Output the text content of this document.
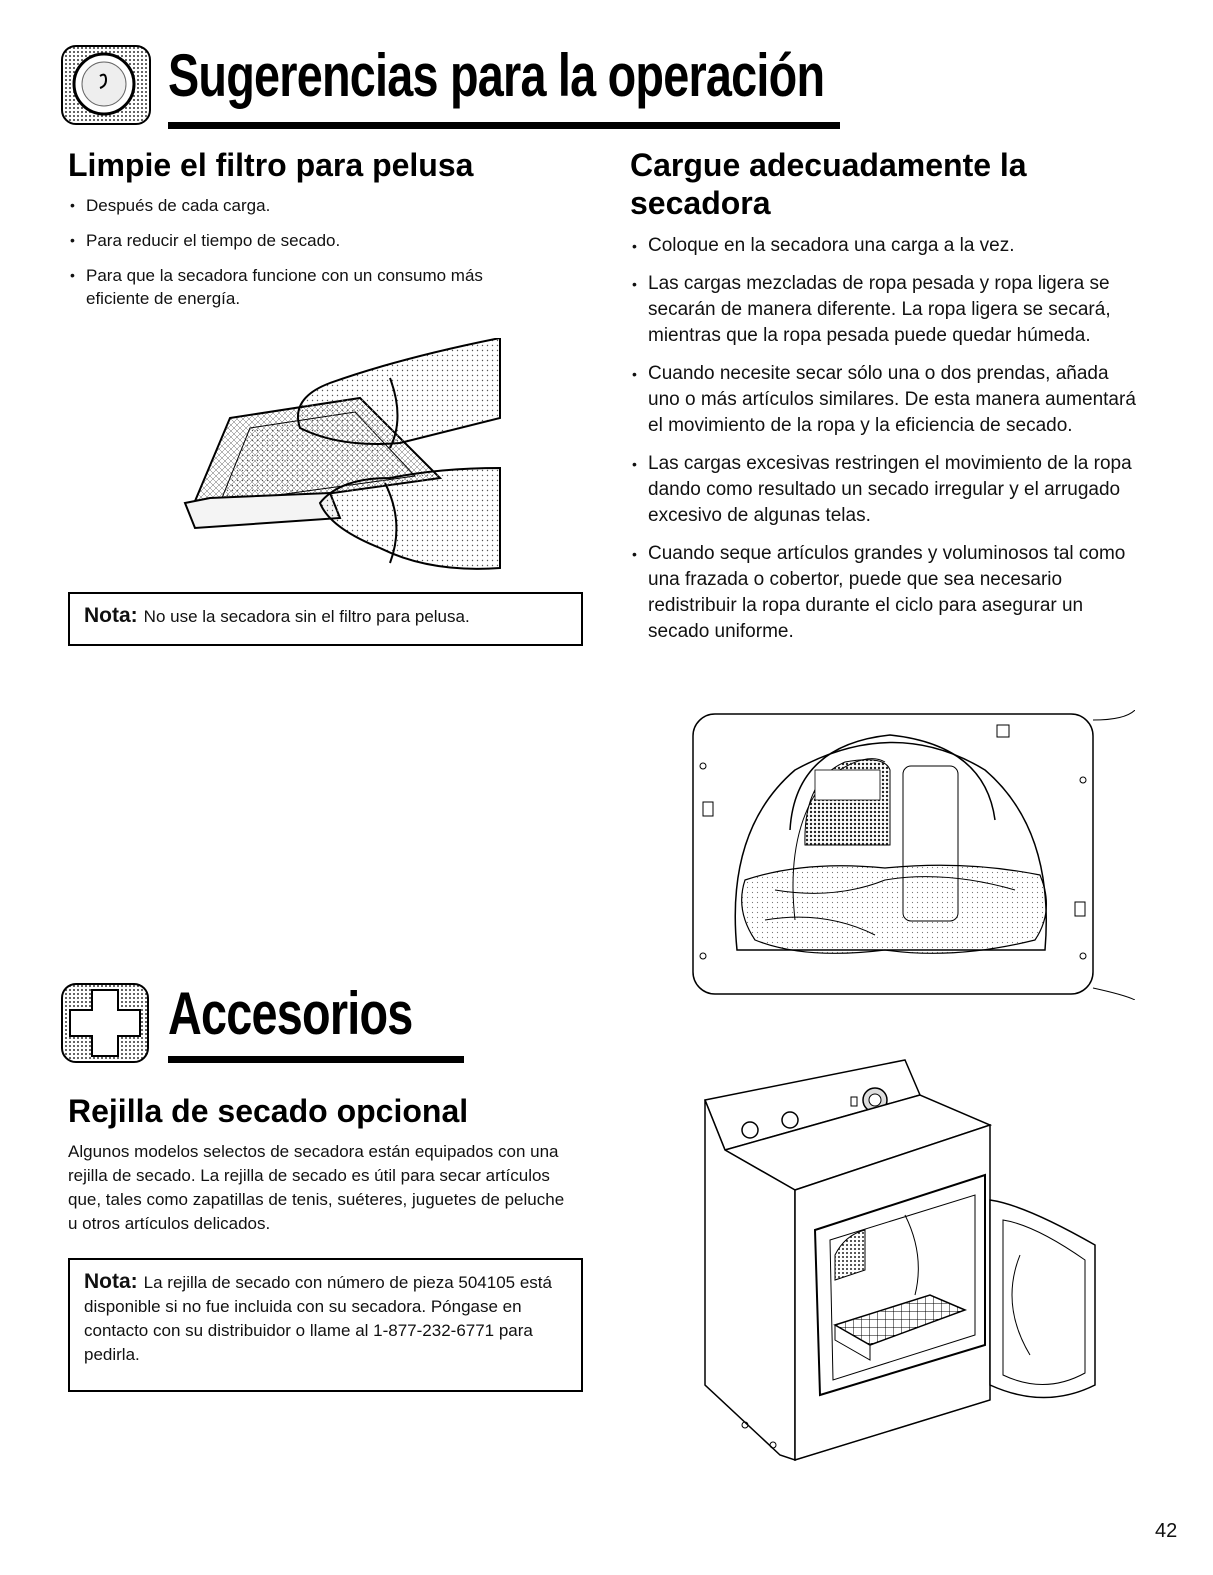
Sugerencias para la operación
Limpie el filtro para pelusa
• Después de cada carga.
• Para reducir el tiempo de secado.
• Para que la secadora funcione con un consumo más eficiente de energía.
Nota: No use la secadora sin el filtro para pelusa.
Cargue adecuadamente la secadora
• Coloque en la secadora una carga a la vez.
• Las cargas mezcladas de ropa pesada y ropa ligera se secarán de manera diferente. La ropa ligera se secará, mientras que la ropa pesada puede quedar húmeda.
• Cuando necesite secar sólo una o dos prendas, añada uno o más artículos similares. De esta manera aumentará el movimiento de la ropa y la eficiencia de secado.
• Las cargas excesivas restringen el movimiento de la ropa dando como resultado un secado irregular y el arrugado excesivo de algunas telas.
• Cuando seque artículos grandes y voluminosos tal como una frazada o cobertor, puede que sea necesario redistribuir la ropa durante el ciclo para asegurar un secado uniforme.
Accesorios
Rejilla de secado opcional

Algunos modelos selectos de secadora están equipados con una rejilla de secado. La rejilla de secado es útil para secar artículos que, tales como zapatillas de tenis, suéteres, juguetes de peluche u otros artículos delicados.

Nota: La rejilla de secado con número de pieza 504105 está disponible si no fue incluida con su secadora. Póngase en contacto con su distribuidor o llame al 1-877-232-6771 para pedirla.
42
